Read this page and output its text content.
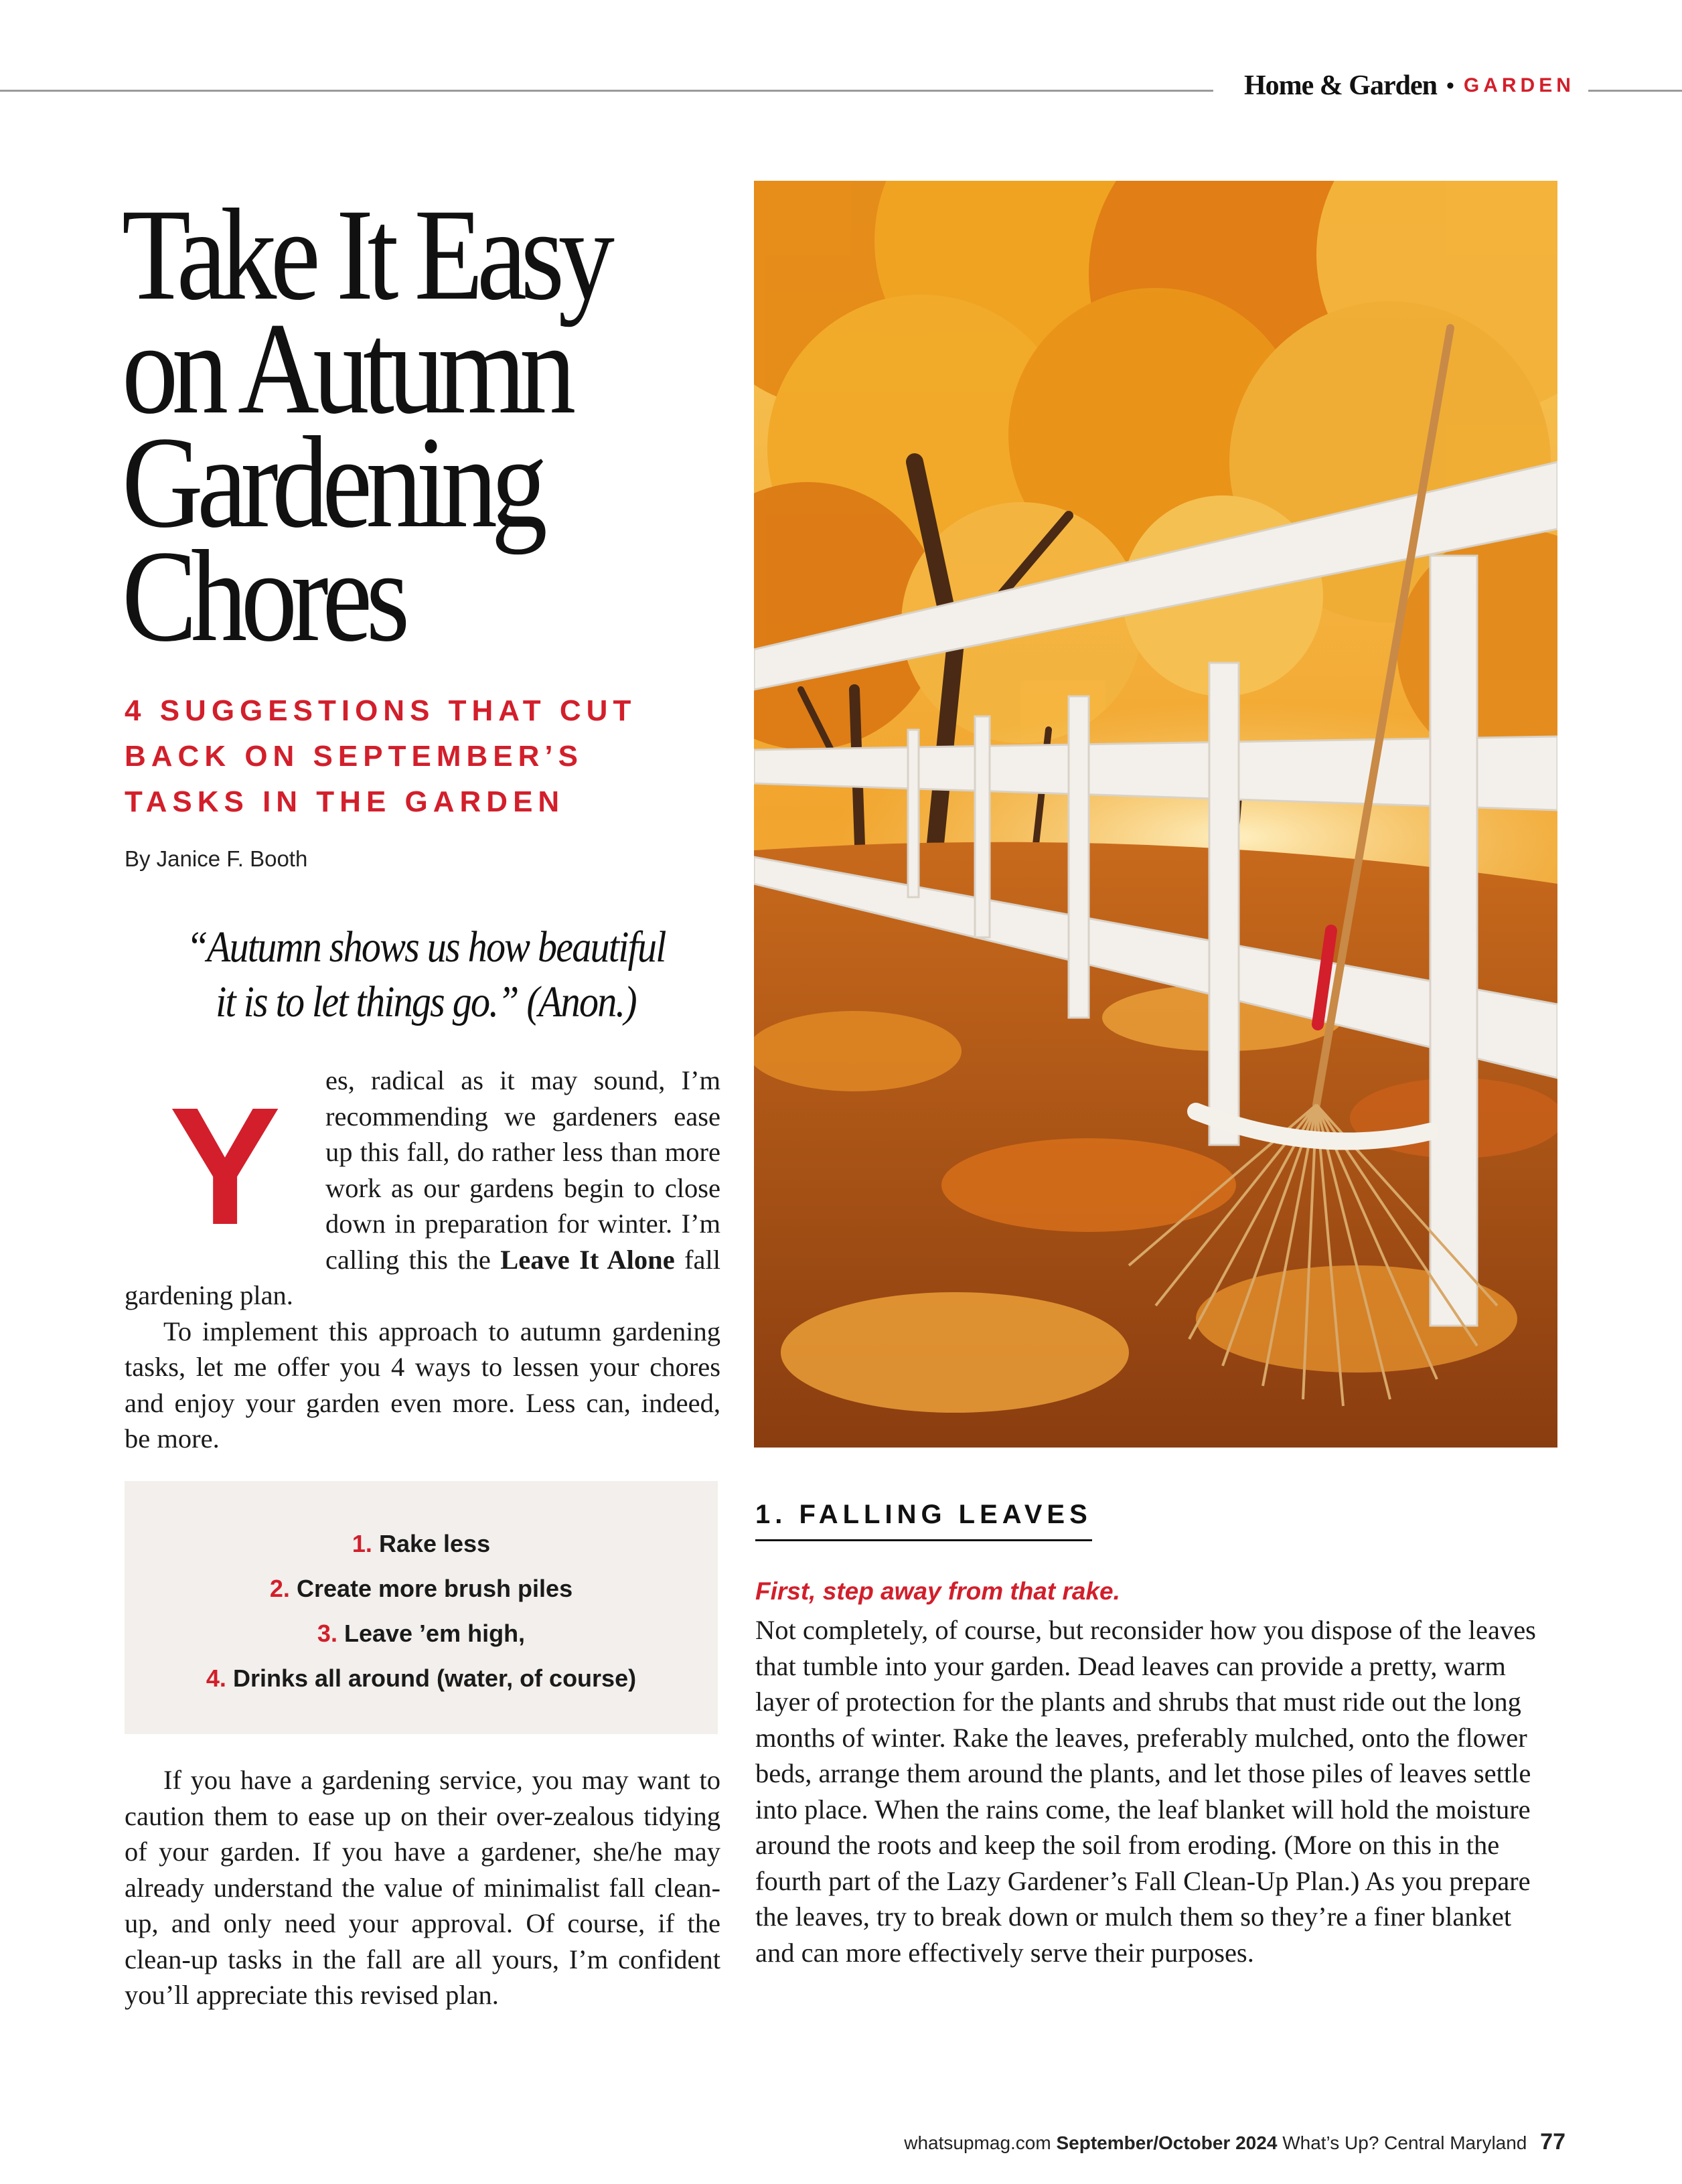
Home & Garden • GARDEN
Take It Easy
on Autumn
Gardening
Chores
4 SUGGESTIONS THAT CUT
BACK ON SEPTEMBER’S
TASKS IN THE GARDEN
By Janice F. Booth
“Autumn shows us how beautiful
it is to let things go.” (Anon.)

Y	es, radical as it may sound, I’m recommending we gardeners ease up this fall, do rather less than more work as our gardens begin to close down in preparation for winter. I’m calling this the Leave It Alone fall gardening plan.

To implement this approach to autumn gardening tasks, let me offer you 4 ways to lessen your chores and enjoy your garden even more. Less can, indeed, be more.

1. Rake less
2. Create more brush piles
3. Leave ’em high,
4. Drinks all around (water, of course)

If you have a gardening service, you may want to caution them to ease up on their over-zealous tidying of your garden. If you have a gardener, she/he may already understand the value of minimalist fall clean-up, and only need your approval. Of course, if the clean-up tasks in the fall are all yours, I’m confident you’ll appreciate this revised plan.

1. FALLING LEAVES
First, step away from that rake.

Not completely, of course, but reconsider how you dispose of the leaves that tumble into your garden. Dead leaves can provide a pretty, warm layer of protection for the plants and shrubs that must ride out the long months of winter. Rake the leaves, preferably mulched, onto the flower beds, arrange them around the plants, and let those piles of leaves settle into place. When the rains come, the leaf blanket will hold the moisture around the roots and keep the soil from eroding. (More on this in the fourth part of the Lazy Gardener’s Fall Clean-Up Plan.) As you prepare the leaves, try to break down or mulch them so they’re a finer blanket and can more effectively serve their purposes.

whatsupmag.com September/October 2024 What’s Up? Central Maryland 77
